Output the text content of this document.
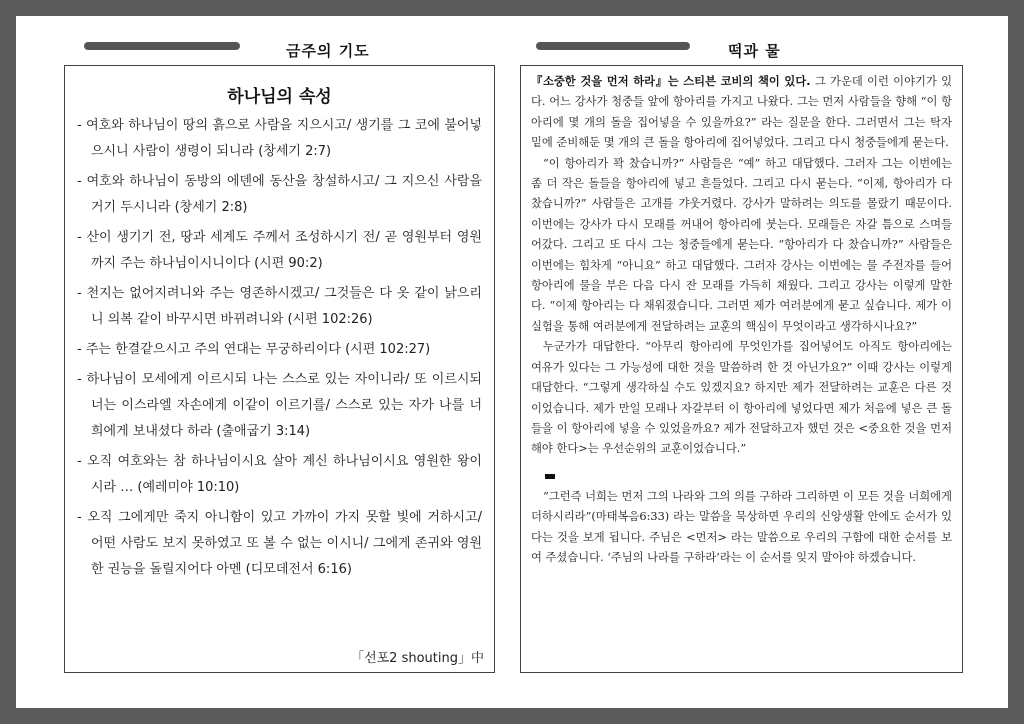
금주의 기도
하나님의 속성

- 여호와 하나님이 땅의 흙으로 사람을 지으시고/ 생기를 그 코에 불어넣으시니 사람이 생령이 되니라 (창세기 2:7)

- 여호와 하나님이 동방의 에덴에 동산을 창설하시고/ 그 지으신 사람을 거기 두시니라 (창세기 2:8)

- 산이 생기기 전, 땅과 세계도 주께서 조성하시기 전/ 곧 영원부터 영원까지 주는 하나님이시니이다 (시편 90:2)

- 천지는 없어지려니와 주는 영존하시겠고/ 그것들은 다 옷 같이 낡으리니 의복 같이 바꾸시면 바뀌려니와 (시편 102:26)

- 주는 한결같으시고 주의 연대는 무궁하리이다 (시편 102:27)

- 하나님이 모세에게 이르시되 나는 스스로 있는 자이니라/ 또 이르시되 너는 이스라엘 자손에게 이같이 이르기를/ 스스로 있는 자가 나를 너희에게 보내셨다 하라 (출애굽기 3:14)

- 오직 여호와는 참 하나님이시요 살아 계신 하나님이시요 영원한 왕이시라 … (예레미야 10:10)

- 오직 그에게만 죽지 아니함이 있고 가까이 가지 못할 빛에 거하시고/ 어떤 사람도 보지 못하였고 또 볼 수 없는 이시니/ 그에게 존귀와 영원한 권능을 돌릴지어다 아멘 (디모데전서 6:16)

「선포2 shouting」中
떡과 물

『소중한 것을 먼저 하라』는 스티븐 코비의 책이 있다. 그 가운데 이런 이야기가 있다. 어느 강사가 청중들 앞에 항아리를 가지고 나왔다. 그는 먼저 사람들을 향해 “이 항아리에 몇 개의 돌을 집어넣을 수 있을까요?” 라는 질문을 한다. 그러면서 그는 탁자 밑에 준비해둔 몇 개의 큰 돌을 항아리에 집어넣었다. 그리고 다시 청중들에게 묻는다.

“이 항아리가 꽉 찼습니까?” 사람들은 “예” 하고 대답했다. 그러자 그는 이번에는 좀 더 작은 돌들을 항아리에 넣고 흔들었다. 그리고 다시 묻는다. “이제, 항아리가 다 찼습니까?” 사람들은 고개를 갸웃거렸다. 강사가 말하려는 의도를 몰랐기 때문이다. 이번에는 강사가 다시 모래를 꺼내어 항아리에 붓는다. 모래들은 자갈 틈으로 스며들어갔다. 그리고 또 다시 그는 청중들에게 묻는다. “항아리가 다 찼습니까?” 사람들은 이번에는 힘차게 “아니요” 하고 대답했다. 그러자 강사는 이번에는 물 주전자를 들어 항아리에 물을 부은 다음 다시 잔 모래를 가득히 채웠다. 그리고 강사는 이렇게 말한다. “이제 항아리는 다 채워졌습니다. 그러면 제가 여러분에게 묻고 싶습니다. 제가 이 실험을 통해 여러분에게 전달하려는 교훈의 핵심이 무엇이라고 생각하시나요?”

누군가가 대답한다. “아무리 항아리에 무엇인가를 집어넣어도 아직도 항아리에는 여유가 있다는 그 가능성에 대한 것을 말씀하려 한 것 아닌가요?” 이때 강사는 이렇게 대답한다. “그렇게 생각하실 수도 있겠지요? 하지만 제가 전달하려는 교훈은 다른 것이었습니다. 제가 만일 모래나 자갈부터 이 항아리에 넣었다면 제가 처음에 넣은 큰 돌들을 이 항아리에 넣을 수 있었을까요? 제가 전달하고자 했던 것은 <중요한 것을 먼저 해야 한다>는 우선순위의 교훈이었습니다.”

“그런즉 너희는 먼저 그의 나라와 그의 의를 구하라 그리하면 이 모든 것을 너희에게 더하시리라”(마태복음6:33) 라는 말씀을 묵상하면 우리의 신앙생활 안에도 순서가 있다는 것을 보게 됩니다. 주님은 <먼저> 라는 말씀으로 우리의 구함에 대한 순서를 보여 주셨습니다. ‘주님의 나라를 구하라’라는 이 순서를 잊지 말아야 하겠습니다.
